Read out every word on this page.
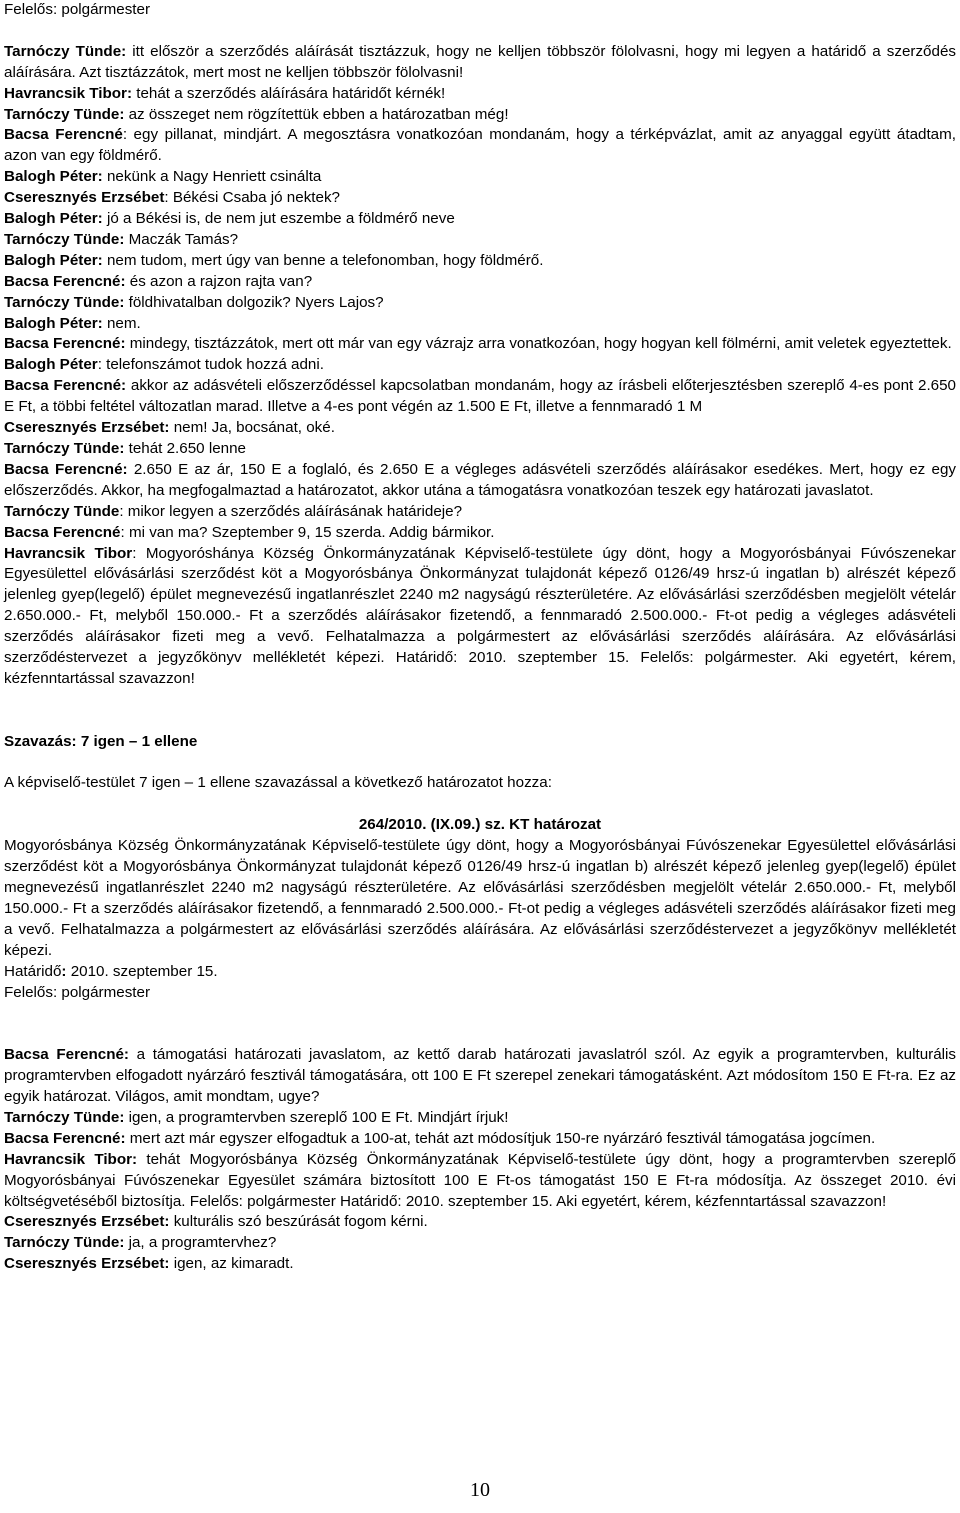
Felelős: polgármester

Tarnóczy Tünde: itt először a szerződés aláírását tisztázzuk, hogy ne kelljen többször fölolvasni, hogy mi legyen a határidő a szerződés aláírására. Azt tisztázzátok, mert most ne kelljen többször fölolvasni!

Havrancsik Tibor: tehát a szerződés aláírására határidőt kérnék!

Tarnóczy Tünde: az összeget nem rögzítettük ebben a határozatban még!

Bacsa Ferencné: egy pillanat, mindjárt. A megosztásra vonatkozóan mondanám, hogy a térképvázlat, amit az anyaggal együtt átadtam, azon van egy földmérő.

Balogh Péter: nekünk a Nagy Henriett csinálta

Cseresznyés Erzsébet: Békési Csaba jó nektek?

Balogh Péter: jó a Békési is, de nem jut eszembe a földmérő neve

Tarnóczy Tünde: Maczák Tamás?

Balogh Péter: nem tudom, mert úgy van benne a telefonomban, hogy földmérő.

Bacsa Ferencné: és azon a rajzon rajta van?

Tarnóczy Tünde: földhivatalban dolgozik? Nyers Lajos?

Balogh Péter: nem.

Bacsa Ferencné: mindegy, tisztázzátok, mert ott már van egy vázrajz arra vonatkozóan, hogy hogyan kell fölmérni, amit veletek egyeztettek.

Balogh Péter: telefonszámot tudok hozzá adni.

Bacsa Ferencné: akkor az adásvételi előszerződéssel kapcsolatban mondanám, hogy az írásbeli előterjesztésben szereplő 4-es pont 2.650 E Ft, a többi feltétel változatlan marad. Illetve a 4-es pont végén az 1.500 E Ft, illetve a fennmaradó 1 M

Cseresznyés Erzsébet: nem! Ja, bocsánat, oké.

Tarnóczy Tünde: tehát 2.650 lenne

Bacsa Ferencné: 2.650 E az ár, 150 E a foglaló, és 2.650 E a végleges adásvételi szerződés aláírásakor esedékes. Mert, hogy ez egy előszerződés. Akkor, ha megfogalmaztad a határozatot, akkor utána a támogatásra vonatkozóan teszek egy határozati javaslatot.

Tarnóczy Tünde: mikor legyen a szerződés aláírásának határideje?

Bacsa Ferencné: mi van ma? Szeptember 9, 15 szerda. Addig bármikor.

Havrancsik Tibor: Mogyoróshánya Község Önkormányzatának Képviselő-testülete úgy dönt, hogy a Mogyorósbányai Fúvószenekar Egyesülettel elővásárlási szerződést köt a Mogyorósbánya Önkormányzat tulajdonát képező 0126/49 hrsz-ú ingatlan b) alrészét képező jelenleg gyep(legelő) épület megnevezésű ingatlanrészlet 2240 m2 nagyságú részterületére. Az elővásárlási szerződésben megjelölt vételár 2.650.000.- Ft, melyből 150.000.- Ft a szerződés aláírásakor fizetendő, a fennmaradó 2.500.000.- Ft-ot pedig a végleges adásvételi szerződés aláírásakor fizeti meg a vevő. Felhatalmazza a polgármestert az elővásárlási szerződés aláírására. Az elővásárlási szerződéstervezet a jegyzőkönyv mellékletét képezi. Határidő: 2010. szeptember 15. Felelős: polgármester. Aki egyetért, kérem, kézfenntartással szavazzon!

Szavazás: 7 igen – 1 ellene

A képviselő-testület 7 igen – 1 ellene szavazással a következő határozatot hozza:

264/2010. (IX.09.) sz. KT határozat

Mogyorósbánya Község Önkormányzatának Képviselő-testülete úgy dönt, hogy a Mogyorósbányai Fúvószenekar Egyesülettel elővásárlási szerződést köt a Mogyorósbánya Önkormányzat tulajdonát képező 0126/49 hrsz-ú ingatlan b) alrészét képező jelenleg gyep(legelő) épület megnevezésű ingatlanrészlet 2240 m2 nagyságú részterületére. Az elővásárlási szerződésben megjelölt vételár 2.650.000.- Ft, melyből 150.000.- Ft a szerződés aláírásakor fizetendő, a fennmaradó 2.500.000.- Ft-ot pedig a végleges adásvételi szerződés aláírásakor fizeti meg a vevő. Felhatalmazza a polgármestert az elővásárlási szerződés aláírására. Az elővásárlási szerződéstervezet a jegyzőkönyv mellékletét képezi.

Határidő: 2010. szeptember 15.

Felelős: polgármester

Bacsa Ferencné: a támogatási határozati javaslatom, az kettő darab határozati javaslatról szól. Az egyik a programtervben, kulturális programtervben elfogadott nyárzáró fesztivál támogatására, ott 100 E Ft szerepel zenekari támogatásként. Azt módosítom 150 E Ft-ra. Ez az egyik határozat. Világos, amit mondtam, ugye?

Tarnóczy Tünde: igen, a programtervben szereplő 100 E Ft. Mindjárt írjuk!

Bacsa Ferencné: mert azt már egyszer elfogadtuk a 100-at, tehát azt módosítjuk 150-re nyárzáró fesztivál támogatása jogcímen.

Havrancsik Tibor: tehát Mogyorósbánya Község Önkormányzatának Képviselő-testülete úgy dönt, hogy a programtervben szereplő Mogyorósbányai Fúvószenekar Egyesület számára biztosított 100 E Ft-os támogatást 150 E Ft-ra módosítja. Az összeget 2010. évi költségvetéséből biztosítja. Felelős: polgármester Határidő: 2010. szeptember 15. Aki egyetért, kérem, kézfenntartással szavazzon!

Cseresznyés Erzsébet: kulturális szó beszúrását fogom kérni.

Tarnóczy Tünde: ja, a programtervhez?

Cseresznyés Erzsébet: igen, az kimaradt.

10
